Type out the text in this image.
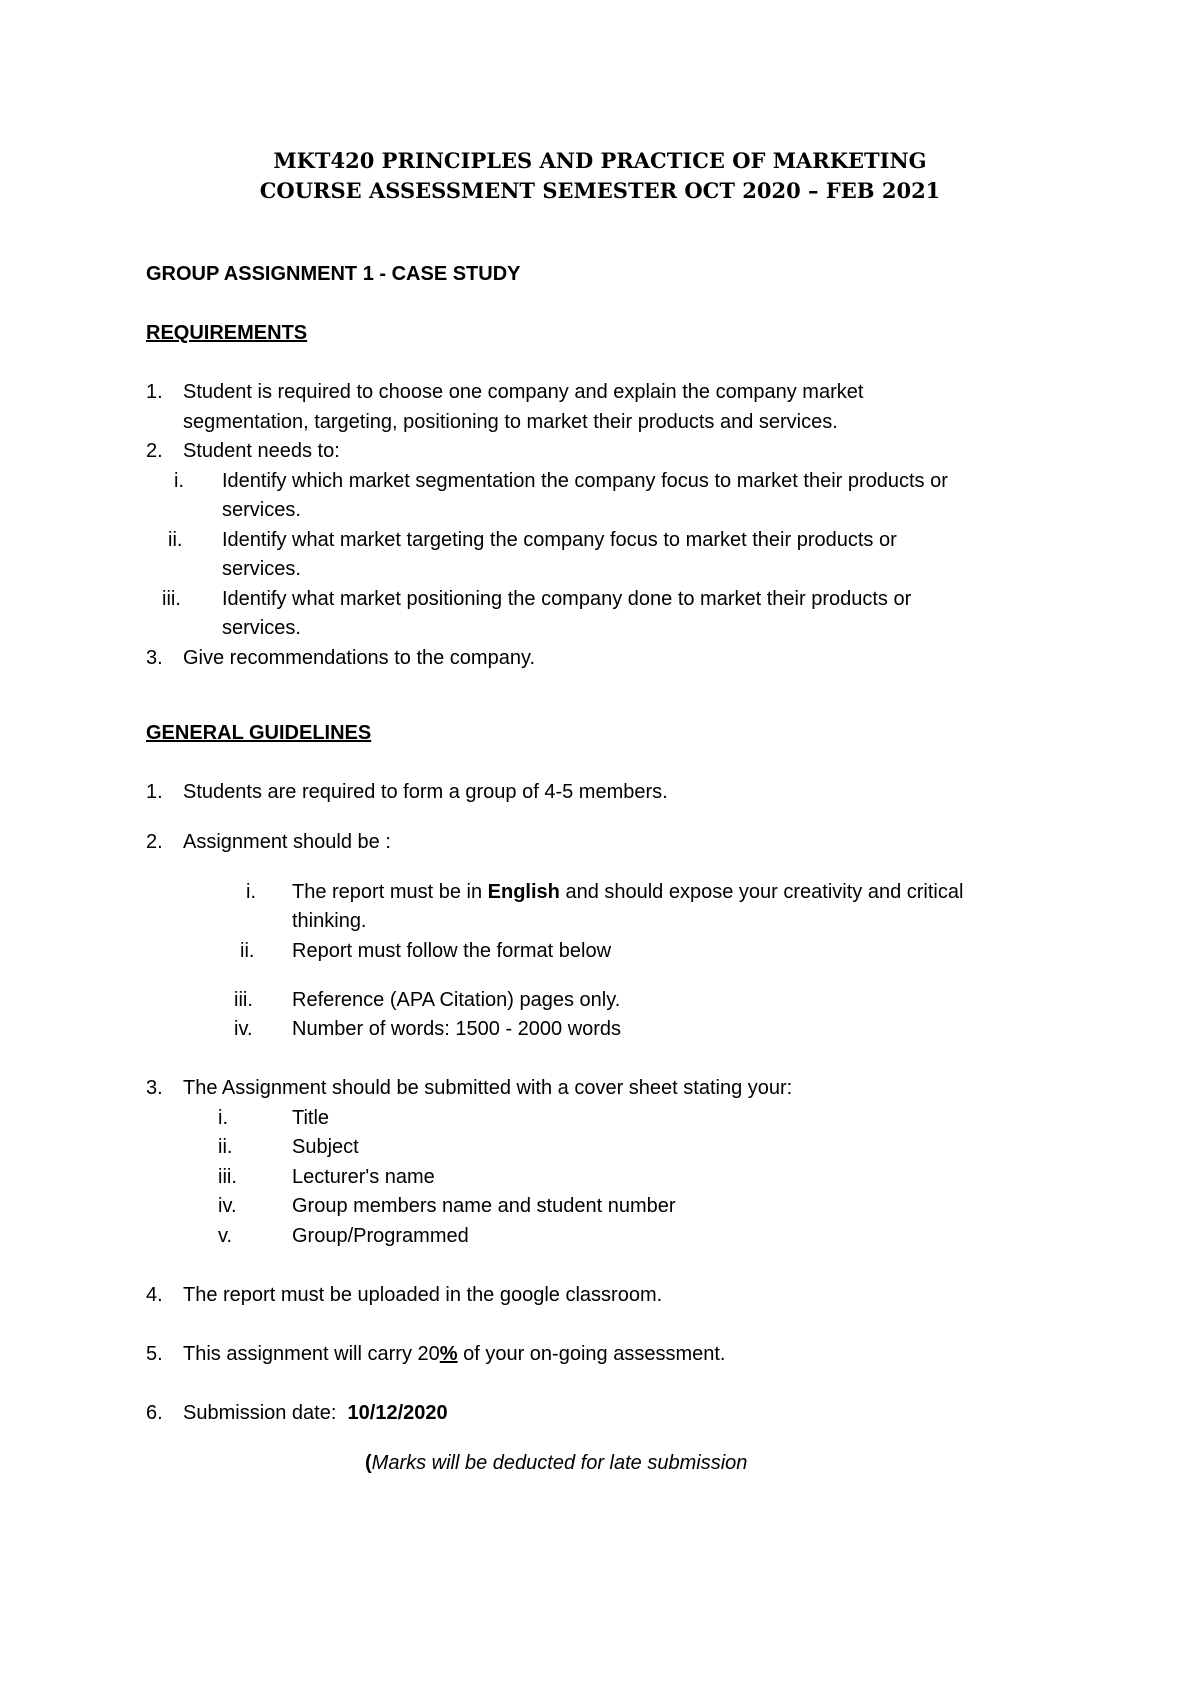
MKT420 PRINCIPLES AND PRACTICE OF MARKETING
COURSE ASSESSMENT SEMESTER OCT 2020 – FEB 2021
GROUP ASSIGNMENT 1 - CASE STUDY
REQUIREMENTS
1. Student is required to choose one company and explain the company market
segmentation, targeting, positioning to market their products and services.
2. Student needs to:
i. Identify which market segmentation the company focus to market their products or
services.
ii. Identify what market targeting the company focus to market their products or
services.
iii. Identify what market positioning the company done to market their products or
services.
3. Give recommendations to the company.
GENERAL GUIDELINES
1. Students are required to form a group of 4-5 members.
2. Assignment should be :
i. The report must be in English and should expose your creativity and critical
thinking.
ii. Report must follow the format below
iii. Reference (APA Citation) pages only.
iv. Number of words: 1500 - 2000 words
3. The Assignment should be submitted with a cover sheet stating your:
i.	Title
ii.	Subject
iii.	Lecturer's name
iv.	Group members name and student number
v.	Group/Programmed
4. The report must be uploaded in the google classroom.
5. This assignment will carry 20% of your on-going assessment.
6. Submission date: 10/12/2020
(Marks will be deducted for late submission
